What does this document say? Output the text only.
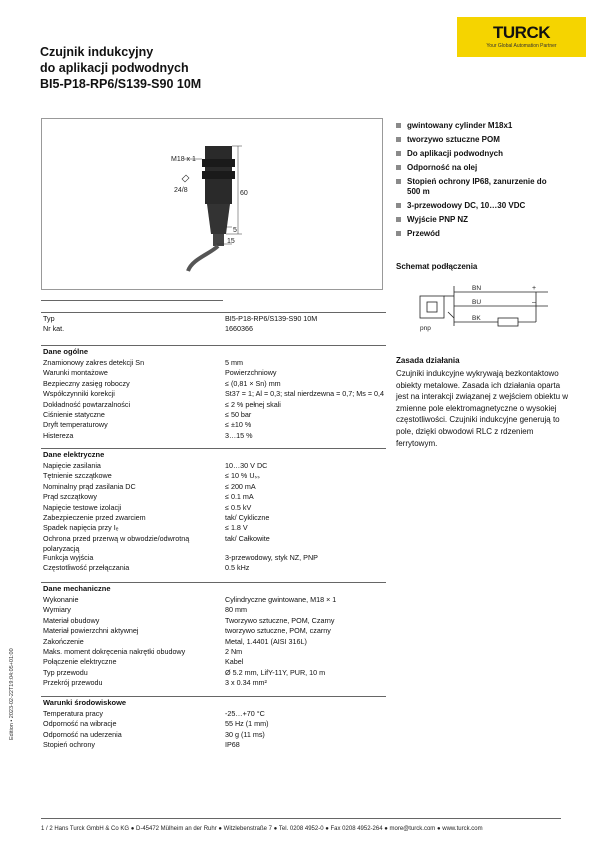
Czujnik indukcyjny
do aplikacji podwodnych
BI5-P18-RP6/S139-S90 10M
TURCK
Your Global Automation Partner
M18 x 1
24/8	60
5
15
gwintowany cylinder M18x1
tworzywo sztuczne POM
Do aplikacji podwodnych
Odporność na olej
Stopień ochrony IP68, zanurzenie do 500 m
3-przewodowy DC, 10…30 VDC
Wyjście PNP NZ
Przewód
Schemat podłączenia
BN
BU
BK
+
–
pnp
Zasada działania
Czujniki indukcyjne wykrywają bezkontaktowo obiekty metalowe. Zasada ich działania oparta jest na interakcji związanej z wejściem obiektu w zmienne pole elektromagnetyczne o wysokiej częstotliwości. Czujniki indukcyjne generują to pole, dzięki obwodowi RLC z rdzeniem ferrytowym.
Typ	BI5-P18-RP6/S139-S90 10M
Nr kat.	1660366
Dane ogólne
Znamionowy zakres detekcji Sn	5 mm
Warunki montażowe	Powierzchniowy
Bezpieczny zasięg roboczy	≤ (0,81 × Sn) mm
Współczynniki korekcji	St37 = 1; Al = 0,3; stal nierdzewna = 0,7; Ms = 0,4
Dokładność powtarzalności	≤ 2 % pełnej skali
Ciśnienie statyczne	≤ 50 bar
Dryft temperaturowy	≤ ±10 %
Histereza	3…15 %
Dane elektryczne
Napięcie zasilania	10…30 V DC
Tętnienie szczątkowe	≤ 10 % Uₛₛ
Nominalny prąd zasilania DC	≤ 200 mA
Prąd szczątkowy	≤ 0.1 mA
Napięcie testowe izolacji	≤ 0.5 kV
Zabezpieczenie przed zwarciem	tak/ Cykliczne
Spadek napięcia przy Iₑ	≤ 1.8 V
Ochrona przed przerwą w obwodzie/odwrotną polaryzacją
tak/ Całkowite
Funkcja wyjścia	3-przewodowy, styk NZ, PNP
Częstotliwość przełączania	0.5 kHz
Dane mechaniczne
Wykonanie	Cylindryczne gwintowane, M18 × 1
Wymiary	80 mm
Materiał obudowy	Tworzywo sztuczne, POM, Czarny
Materiał powierzchni aktywnej	tworzywo sztuczne, POM, czarny
Zakończenie	Metal, 1.4401 (AISI 316L)
Maks. moment dokręcenia nakrętki obudowy	2 Nm
Połączenie elektryczne	Kabel
Typ przewodu	Ø 5.2 mm, LifY-11Y, PUR, 10 m
Przekrój przewodu	3 x 0.34 mm²
Warunki środowiskowe
Temperatura pracy	-25…+70 °C
Odporność na wibracje	55 Hz (1 mm)
Odporność na uderzenia	30 g (11 ms)
Stopień ochrony	IP68
Edition • 2023-02-22T19:04:05+01:00
1 / 2 Hans Turck GmbH & Co KG ● D-45472 Mülheim an der Ruhr ● Witzlebenstraße 7 ● Tel. 0208 4952-0 ● Fax 0208 4952-264 ● more@turck.com ● www.turck.com
